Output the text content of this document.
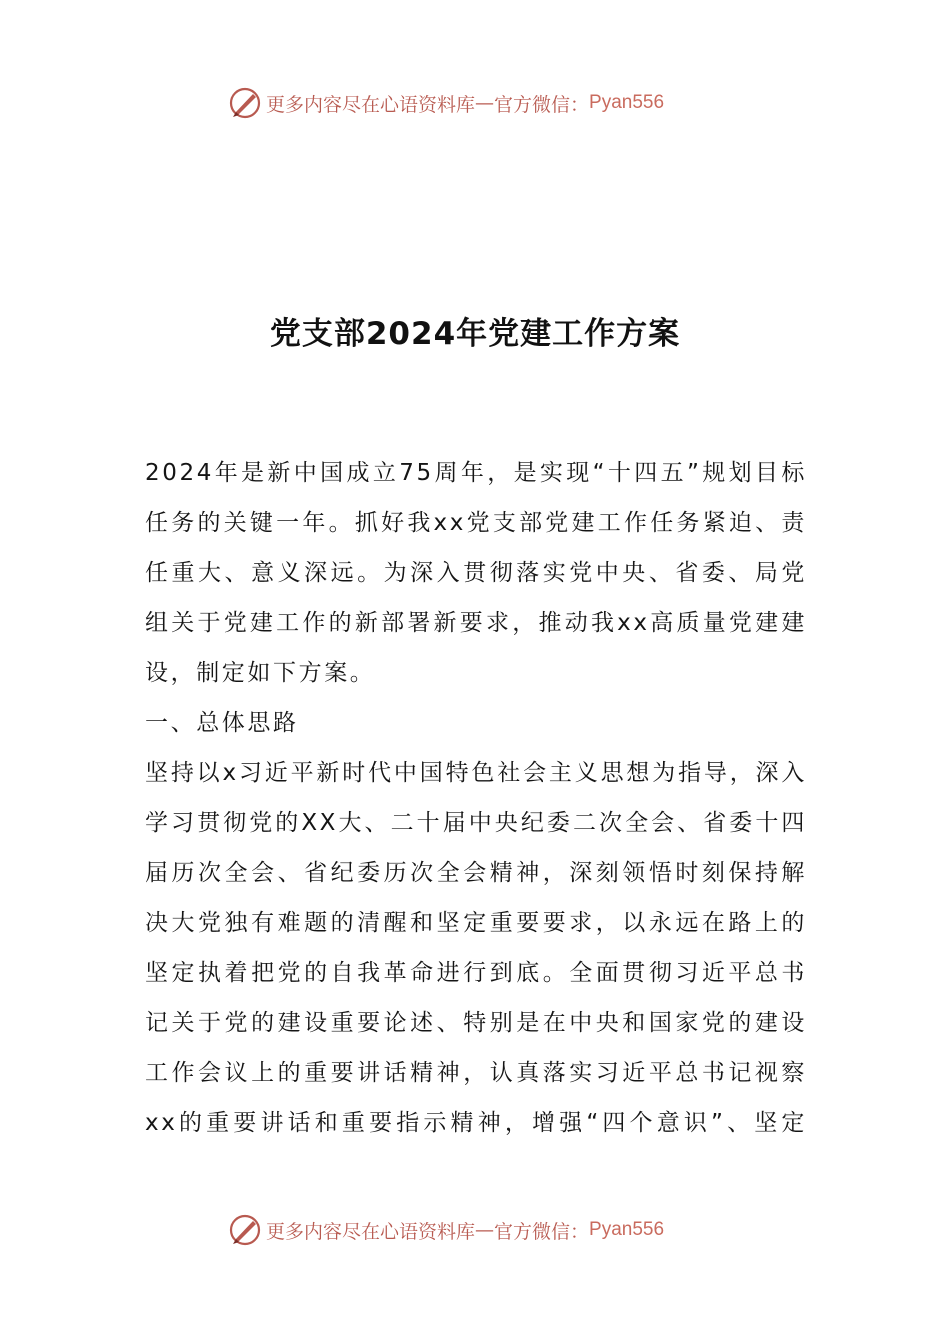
更多内容尽在心语资料库 — 官方微信： Pyan556
党支部2024年党建工作方案
2024年是新中国成立75周年，是实现“十四五”规划目标
任务的关键一年。抓好我xx党支部党建工作任务紧迫、责
任重大、意义深远。为深入贯彻落实党中央、省委、局党
组关于党建工作的新部署新要求，推动我xx高质量党建建
设，制定如下方案。
一、总体思路
坚持以x习近平新时代中国特色社会主义思想为指导，深入
学习贯彻党的XX大、二十届中央纪委二次全会、省委十四
届历次全会、省纪委历次全会精神，深刻领悟时刻保持解
决大党独有难题的清醒和坚定重要要求，以永远在路上的
坚定执着把党的自我革命进行到底。全面贯彻习近平总书
记关于党的建设重要论述、特别是在中央和国家党的建设
工作会议上的重要讲话精神，认真落实习近平总书记视察
xx的重要讲话和重要指示精神，增强“四个意识”、坚定
更多内容尽在心语资料库 — 官方微信： Pyan556
